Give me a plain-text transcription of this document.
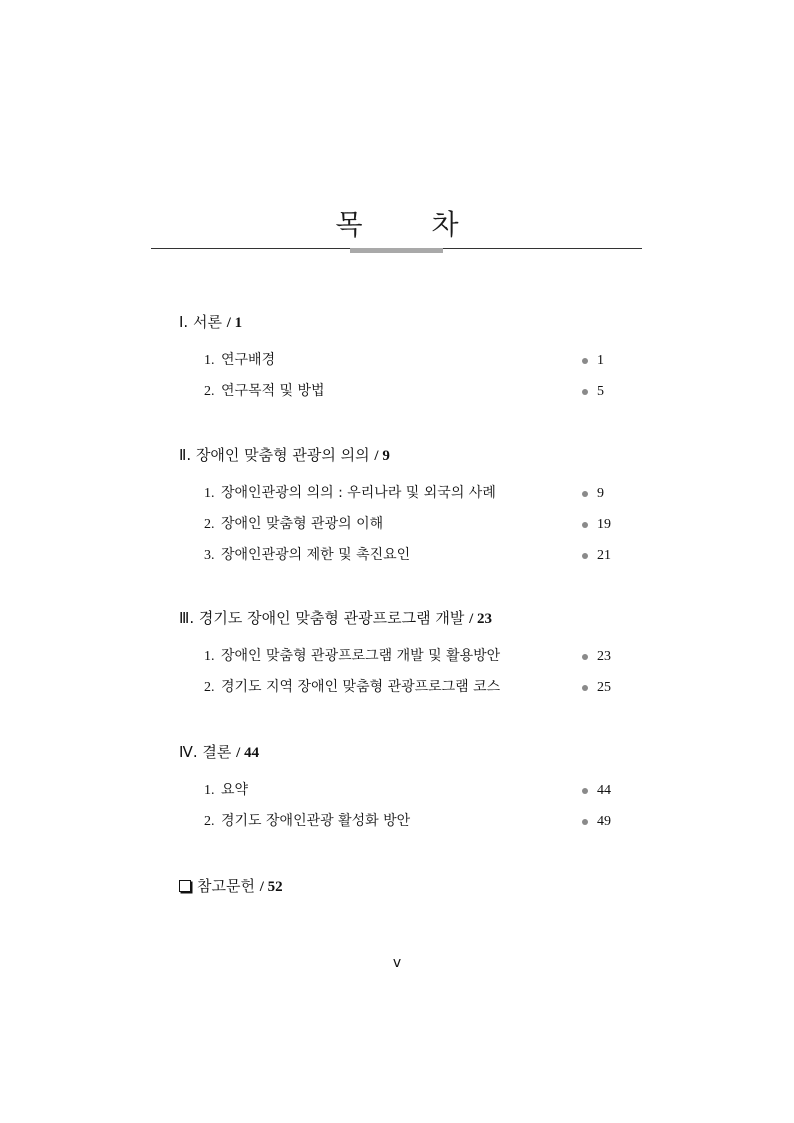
목 차
Ⅰ. 서론 / 1
1. 연구배경	1
2. 연구목적 및 방법	5
Ⅱ. 장애인 맞춤형 관광의 의의 / 9
1. 장애인관광의 의의 : 우리나라 및 외국의 사례	9
2. 장애인 맞춤형 관광의 이해	19
3. 장애인관광의 제한 및 촉진요인	21
Ⅲ. 경기도 장애인 맞춤형 관광프로그램 개발 / 23
1. 장애인 맞춤형 관광프로그램 개발 및 활용방안	23
2. 경기도 지역 장애인 맞춤형 관광프로그램 코스	25
Ⅳ. 결론 / 44
1. 요약	44
2. 경기도 장애인관광 활성화 방안	49
참고문헌 / 52
v
